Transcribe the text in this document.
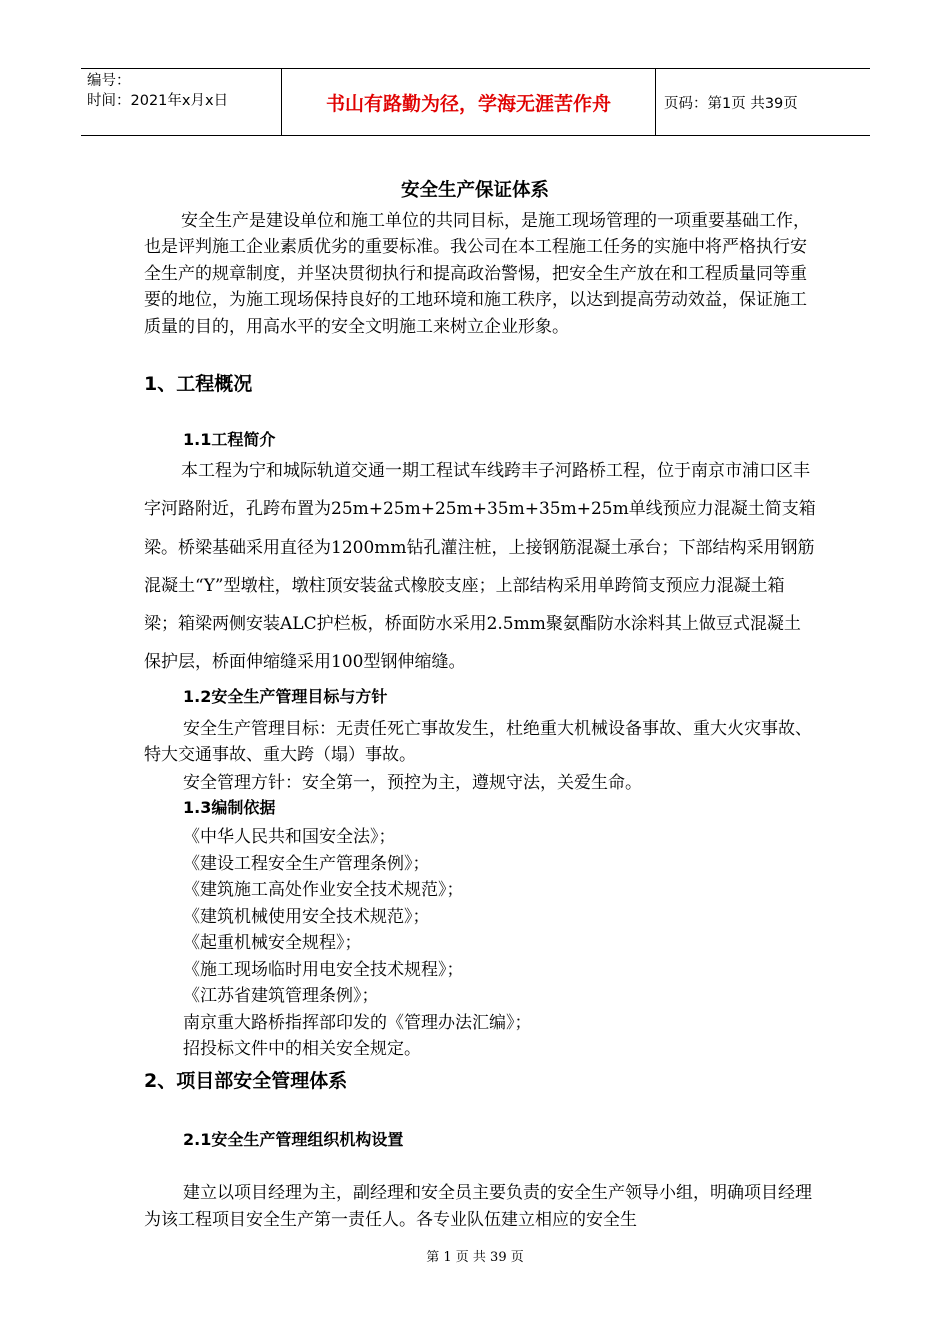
编号：
时间：2021年x月x日	书山有路勤为径，学海无涯苦作舟	页码：第1页 共39页
安全生产保证体系

安全生产是建设单位和施工单位的共同目标，是施工现场管理的一项重要基础工作，也是评判施工企业素质优劣的重要标准。我公司在本工程施工任务的实施中将严格执行安全生产的规章制度，并坚决贯彻执行和提高政治警惕，把安全生产放在和工程质量同等重要的地位，为施工现场保持良好的工地环境和施工秩序，以达到提高劳动效益，保证施工质量的目的，用高水平的安全文明施工来树立企业形象。

1、工程概况
1.1工程简介

本工程为宁和城际轨道交通一期工程试车线跨丰子河路桥工程，位于南京市浦口区丰字河路附近，孔跨布置为25m+25m+25m+35m+35m+25m单线预应力混凝土简支箱梁。桥梁基础采用直径为1200mm钻孔灌注桩，上接钢筋混凝土承台；下部结构采用钢筋混凝土“Y”型墩柱，墩柱顶安装盆式橡胶支座；上部结构采用单跨简支预应力混凝土箱梁；箱梁两侧安装ALC护栏板，桥面防水采用2.5mm聚氨酯防水涂料其上做豆式混凝土保护层，桥面伸缩缝采用100型钢伸缩缝。

1.2安全生产管理目标与方针

安全生产管理目标：无责任死亡事故发生，杜绝重大机械设备事故、重大火灾事故、特大交通事故、重大跨（塌）事故。

安全管理方针：安全第一，预控为主，遵规守法，关爱生命。
1.3编制依据
《中华人民共和国安全法》；
《建设工程安全生产管理条例》；
《建筑施工高处作业安全技术规范》；
《建筑机械使用安全技术规范》；
《起重机械安全规程》；
《施工现场临时用电安全技术规程》；
《江苏省建筑管理条例》；
南京重大路桥指挥部印发的《管理办法汇编》；
招投标文件中的相关安全规定。
2、项目部安全管理体系
2.1安全生产管理组织机构设置

建立以项目经理为主，副经理和安全员主要负责的安全生产领导小组，明确项目经理为该工程项目安全生产第一责任人。各专业队伍建立相应的安全生

第 1 页 共 39 页
